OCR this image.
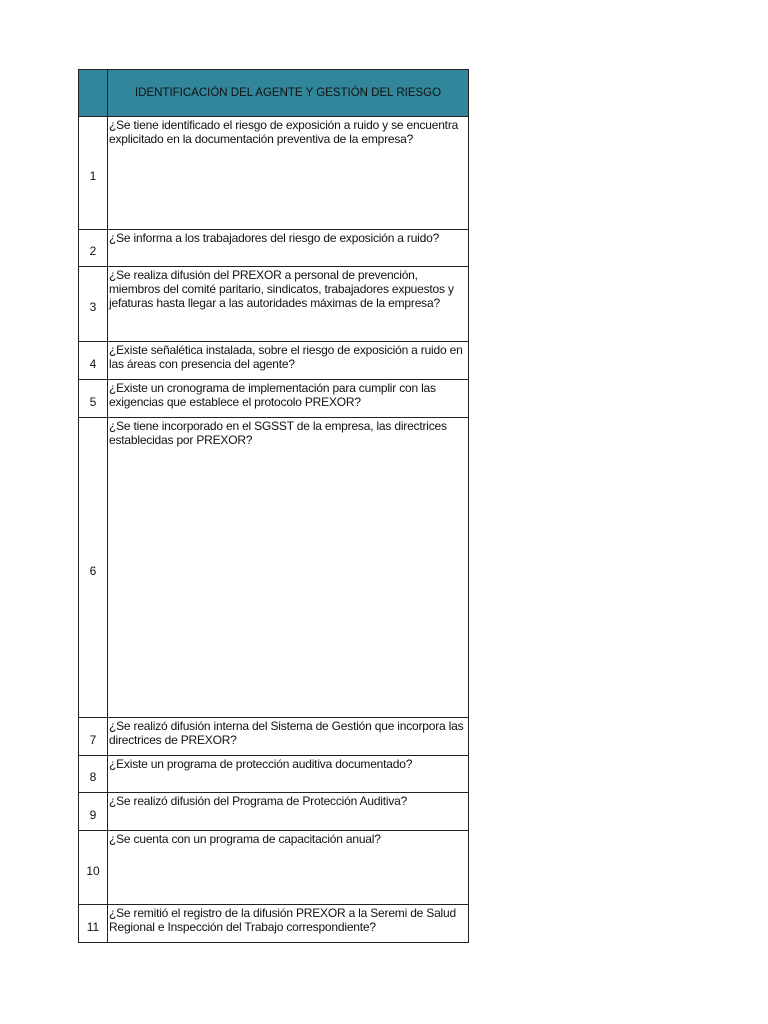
	IDENTIFICACIÓN DEL AGENTE Y GESTIÓN DEL RIESGO
1	¿Se tiene identificado el riesgo de exposición a ruido y se encuentra explicitado en la documentación preventiva de la empresa?
2	¿Se informa a los trabajadores del riesgo de exposición a ruido?
3	¿Se realiza difusión del PREXOR a personal de prevención, miembros del comité paritario, sindicatos, trabajadores expuestos y jefaturas hasta llegar a las autoridades máximas de la empresa?
4	¿Existe señalética instalada, sobre el riesgo de exposición a ruido en las áreas con presencia del agente?
5	¿Existe un cronograma de implementación para cumplir con las exigencias que establece el protocolo PREXOR?
6	¿Se tiene incorporado en el SGSST de la empresa, las directrices establecidas por PREXOR?
7	¿Se realizó difusión interna del Sistema de Gestión que incorpora las directrices de PREXOR?
8	¿Existe un programa de protección auditiva documentado?
9	¿Se realizó difusión del Programa de Protección Auditiva?
10	¿Se cuenta con un programa de capacitación anual?
11	¿Se remitió el registro de la difusión PREXOR a la Seremi de Salud Regional e Inspección del Trabajo correspondiente?
